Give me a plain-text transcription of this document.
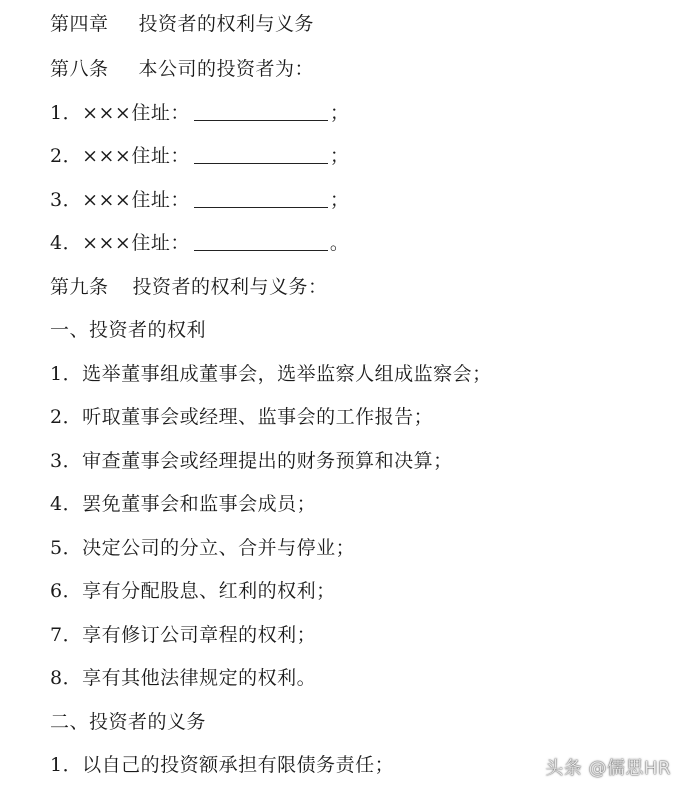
第四章 投资者的权利与义务
第八条 本公司的投资者为：
1．×××住址：	；
2．×××住址：	；
3．×××住址：	；
4．×××住址：	。
第九条 投资者的权利与义务：
一、投资者的权利
1．选举董事组成董事会，选举监察人组成监察会；
2．听取董事会或经理、监事会的工作报告；
3．审查董事会或经理提出的财务预算和决算；
4．罢免董事会和监事会成员；
5．决定公司的分立、合并与停业；
6．享有分配股息、红利的权利；
7．享有修订公司章程的权利；
8．享有其他法律规定的权利。
二、投资者的义务
1．以自己的投资额承担有限债务责任；	头条 @儒思HR
